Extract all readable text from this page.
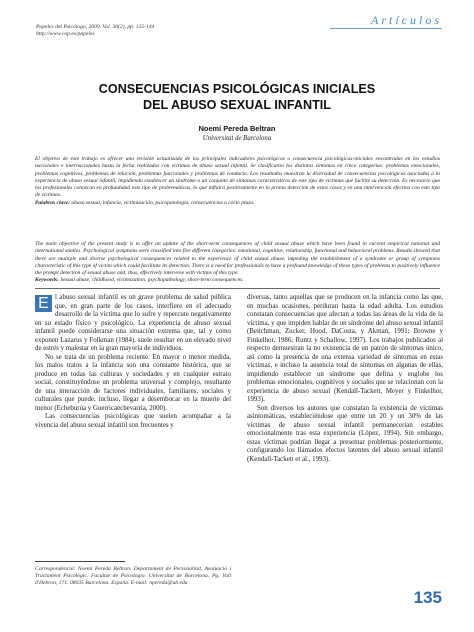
Papeles del Psicólogo, 2009. Vol. 30(2), pp. 135-144
http://www.cop.es/papeles
Artículos
CONSECUENCIAS PSICOLÓGICAS INICIALES
DEL ABUSO SEXUAL INFANTIL
Noemí Pereda Beltran
Universitat de Barcelona
El objetivo de este trabajo es ofrecer una revisión actualizada de los principales indicadores psicológicos o consecuencia psicológicas-iniciales encontradas en los estudios nacionales e internacionales hasta la fecha realizados con víctimas de abuso sexual infantil. Se clasificaron los distintos síntomas en cinco categorías: problemas emocionales, problemas cognitivos, problemas de relación, problemas funcionales y problemas de conducta. Los resultados muestran la diversidad de consecuencias psicológicas asociadas a la experiencia de abuso sexual infantil, impidiendo establecer un síndrome o un conjunto de síntomas característicos de este tipo de víctimas que facilite su detección. Es necesario que los profesionales conozcan en profundidad este tipo de problemáticas, lo que influirá positivamente en la pronta detección de estos casos y en una intervención efectiva con este tipo de víctimas.
Palabras clave: abuso sexual, infancia, victimización, psicopatología, consecuencias a corto plazo.
The main objective of the present study is to offer an update of the short-term consequences of child sexual abuse which have been found in current empirical national and international studies. Psychological symptoms were classified into five different categories: emotional, cognitive, relationship, functional and behavioral problems. Results showed that there are multiple and diverse psychological consequences related to the experience of child sexual abuse, impeding the establishment of a syndrome or group of symptoms characteristic of this type of victim which could facilitate its detection. There is a need for professionals to have a profound knowledge of these types of problems to positively influence the prompt detection of sexual abuse and, thus, effectively intervene with victims of this type.
Keywords: Sexual abuse, childhood, victimization, psychopathology, short-term consequences.

E l abuso sexual infantil es un grave problema de salud pública que, en gran parte de los casos, interfiere en el adecuado desarrollo de la víctima que lo sufre y repercute negativamente en su estado físico y psicológico. La experiencia de abuso sexual infantil puede considerarse una situación extrema que, tal y como exponen Lazarus y Folkman (1984), suele resultar en un elevado nivel de estrés y malestar en la gran mayoría de individuos.

No se trata de un problema reciente. En mayor o menor medida, los malos tratos a la infancia son una constante histórica, que se produce en todas las culturas y sociedades y en cualquier estrato social, constituyéndose un problema universal y complejo, resultante de una interacción de factores individuales, familiares, sociales y culturales que puede, incluso, llegar a desembocar en la muerte del menor (Echeburúa y Guerricaechevarría, 2000).

Las consecuencias psicológicas que suelen acompañar a la vivencia del abuso sexual infantil son frecuentes y

diversas, tanto aquellas que se producen en la infancia como las que, en muchas ocasiones, perduran hasta la edad adulta. Los estudios constatan consecuencias que afectan a todas las áreas de la vida de la víctima, y que impiden hablar de un síndrome del abuso sexual infantil (Beitchman, Zucker, Hood, DaCosta, y Akman, 1991; Browne y Finkelhor, 1986; Runtz y Schallow, 1997). Los trabajos publicados al respecto demuestran la no existencia de un patrón de síntomas único, así como la presencia de una extensa variedad de síntomas en estas víctimas, e incluso la ausencia total de síntomas en algunas de ellas, impidiendo establecer un síndrome que defina y englobe los problemas emocionales, cognitivos y sociales que se relacionan con la experiencia de abuso sexual (Kendall-Tackett, Meyer y Finkelhor, 1993).

Son diversos los autores que constatan la existencia de víctimas asintomáticas, estableciéndose que entre un 20 y un 30% de las víctimas de abuso sexual infantil permanecerían estables emocionalmente tras esta experiencia (López, 1994). Sin embargo, estas víctimas podrían llegar a presentar problemas posteriormente, configurando los llamados efectos latentes del abuso sexual infantil (Kendall-Tackett et al., 1993).

Correspondencia: Noemí Pereda Beltran. Departament de Personalitat, Avaluació i Tractament Psicològic. Facultat de Psicologia. Universitat de Barcelona. Pg. Vall d'Hebron, 171. 08035 Barcelona. España. E-mail: npereda@ub.edu
135
